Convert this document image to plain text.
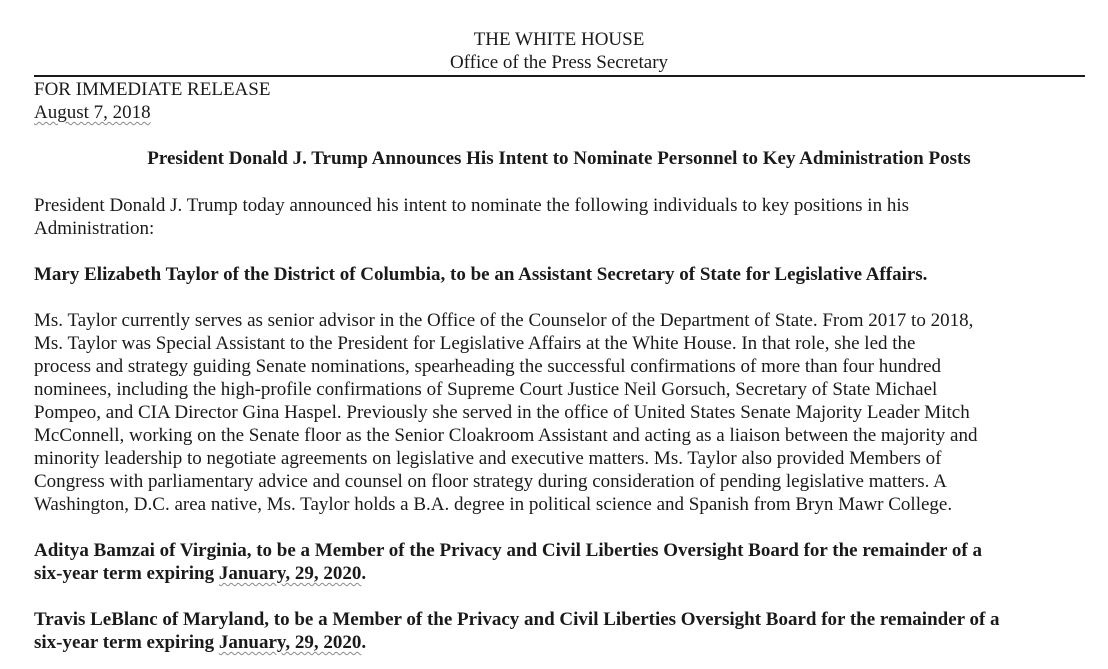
THE WHITE HOUSE
Office of the Press Secretary
FOR IMMEDIATE RELEASE
August 7, 2018
President Donald J. Trump Announces His Intent to Nominate Personnel to Key Administration Posts
President Donald J. Trump today announced his intent to nominate the following individuals to key positions in his
Administration:
Mary Elizabeth Taylor of the District of Columbia, to be an Assistant Secretary of State for Legislative Affairs.
Ms. Taylor currently serves as senior advisor in the Office of the Counselor of the Department of State. From 2017 to 2018,
Ms. Taylor was Special Assistant to the President for Legislative Affairs at the White House. In that role, she led the
process and strategy guiding Senate nominations, spearheading the successful confirmations of more than four hundred
nominees, including the high-profile confirmations of Supreme Court Justice Neil Gorsuch, Secretary of State Michael
Pompeo, and CIA Director Gina Haspel. Previously she served in the office of United States Senate Majority Leader Mitch
McConnell, working on the Senate floor as the Senior Cloakroom Assistant and acting as a liaison between the majority and
minority leadership to negotiate agreements on legislative and executive matters. Ms. Taylor also provided Members of
Congress with parliamentary advice and counsel on floor strategy during consideration of pending legislative matters. A
Washington, D.C. area native, Ms. Taylor holds a B.A. degree in political science and Spanish from Bryn Mawr College.
Aditya Bamzai of Virginia, to be a Member of the Privacy and Civil Liberties Oversight Board for the remainder of a
six-year term expiring January, 29, 2020.
Travis LeBlanc of Maryland, to be a Member of the Privacy and Civil Liberties Oversight Board for the remainder of a
six-year term expiring January, 29, 2020.
